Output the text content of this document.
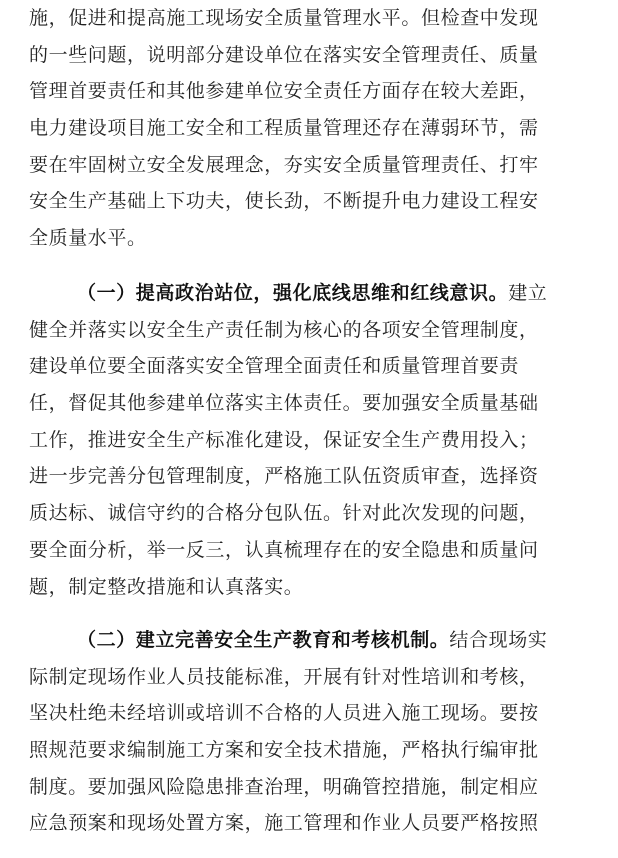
施，促进和提高施工现场安全质量管理水平。但检查中发现
的一些问题，说明部分建设单位在落实安全管理责任、质量
管理首要责任和其他参建单位安全责任方面存在较大差距，
电力建设项目施工安全和工程质量管理还存在薄弱环节，需
要在牢固树立安全发展理念，夯实安全质量管理责任、打牢
安全生产基础上下功夫，使长劲，不断提升电力建设工程安
全质量水平。
（一）提高政治站位，强化底线思维和红线意识。建立
健全并落实以安全生产责任制为核心的各项安全管理制度，
建设单位要全面落实安全管理全面责任和质量管理首要责
任，督促其他参建单位落实主体责任。要加强安全质量基础
工作，推进安全生产标准化建设，保证安全生产费用投入；
进一步完善分包管理制度，严格施工队伍资质审查，选择资
质达标、诚信守约的合格分包队伍。针对此次发现的问题，
要全面分析，举一反三，认真梳理存在的安全隐患和质量问
题，制定整改措施和认真落实。
（二）建立完善安全生产教育和考核机制。结合现场实
际制定现场作业人员技能标准，开展有针对性培训和考核，
坚决杜绝未经培训或培训不合格的人员进入施工现场。要按
照规范要求编制施工方案和安全技术措施，严格执行编审批
制度。要加强风险隐患排查治理，明确管控措施，制定相应
应急预案和现场处置方案，施工管理和作业人员要严格按照
